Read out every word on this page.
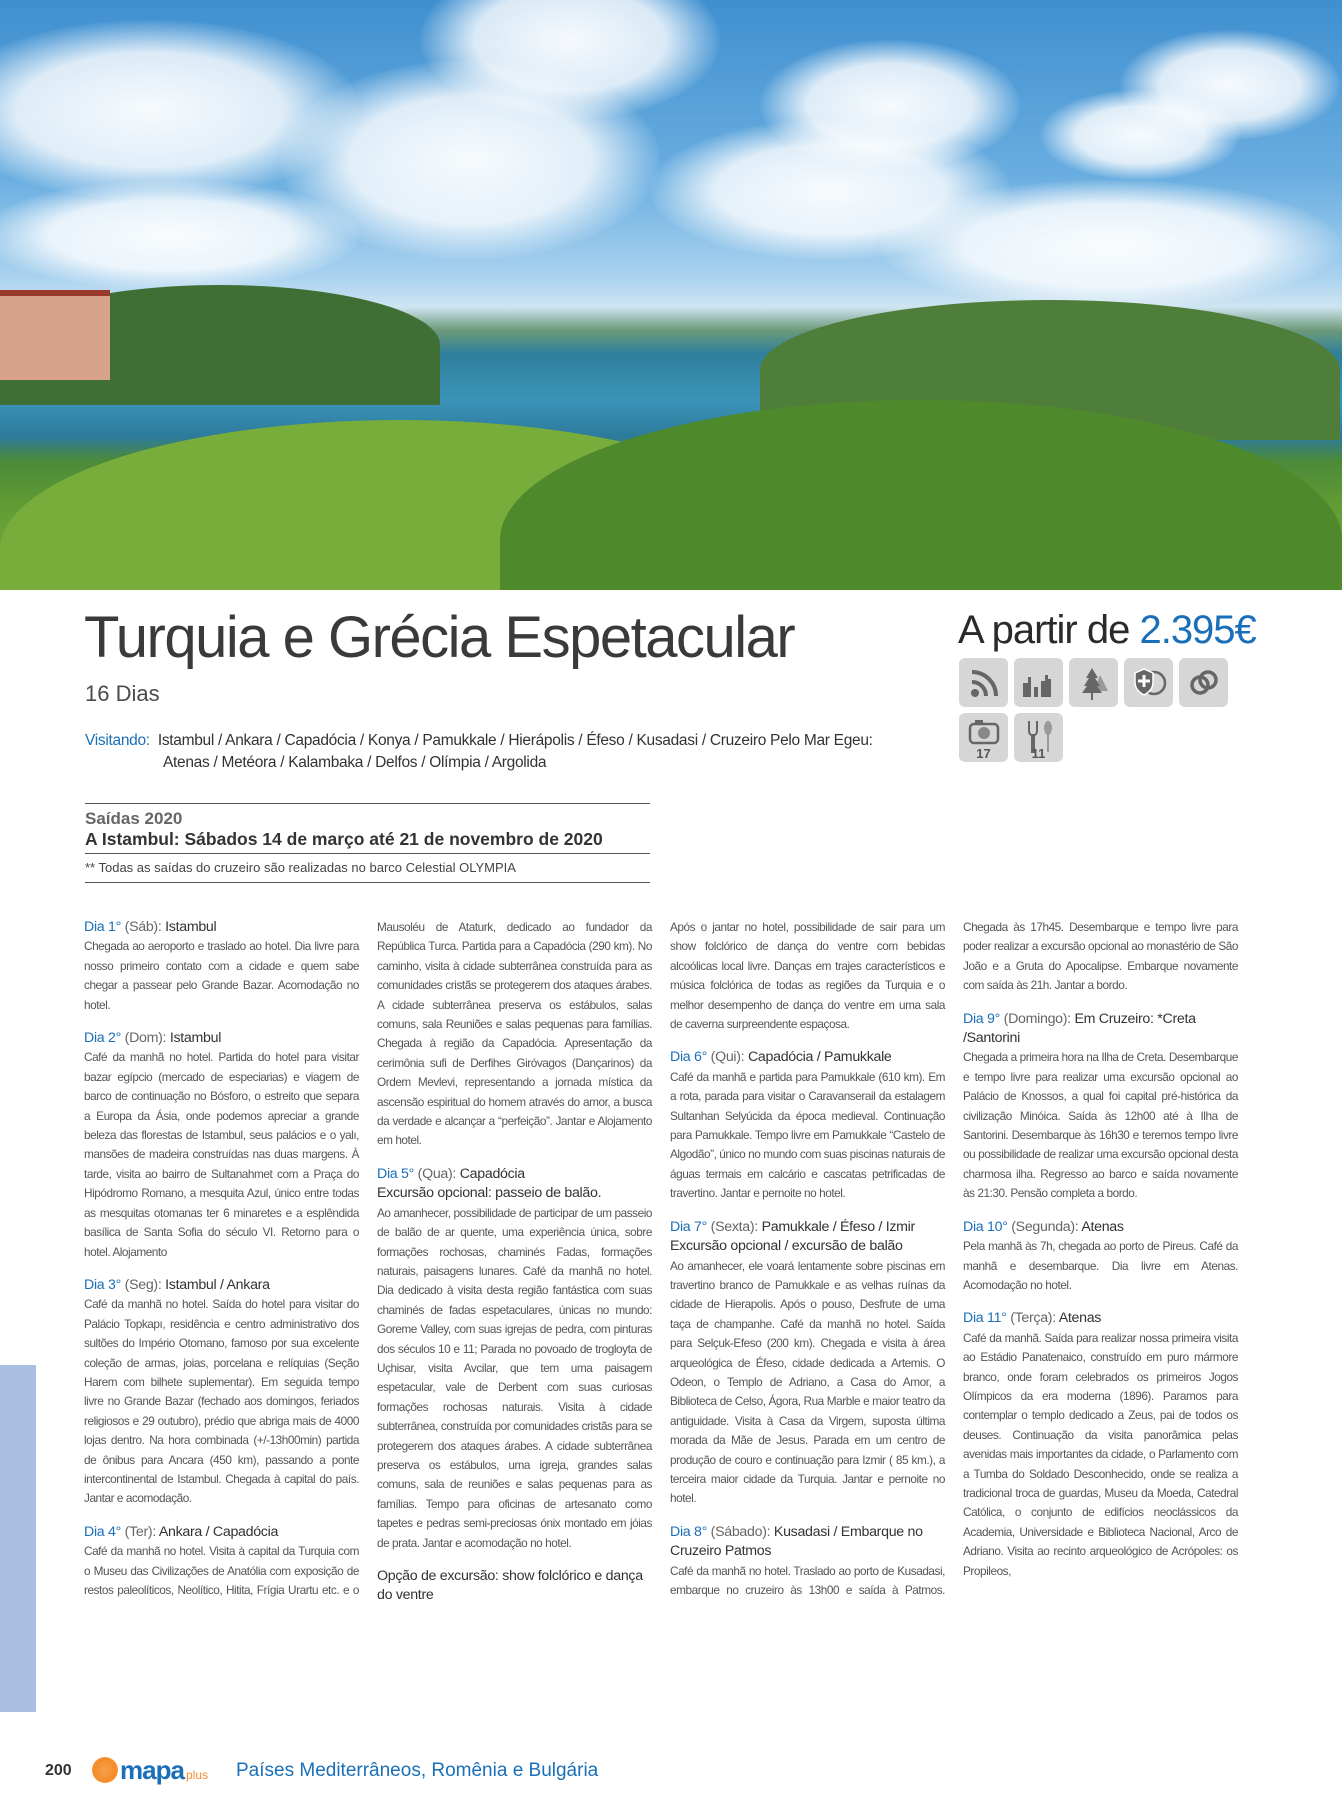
Turquia e Grécia Espetacular
16 Dias
A partir de 2.395€
17	11
Visitando: Istambul / Ankara / Capadócia / Konya / Pamukkale / Hierápolis / Éfeso / Kusadasi / Cruzeiro Pelo Mar Egeu:
Atenas / Metéora / Kalambaka / Delfos / Olímpia / Argolida
Saídas 2020
A Istambul: Sábados 14 de março até 21 de novembro de 2020
** Todas as saídas do cruzeiro são realizadas no barco Celestial OLYMPIA
Dia 1° (Sáb): Istambul
Chegada ao aeroporto e traslado ao hotel. Dia livre para nosso primeiro contato com a cidade e quem sabe chegar a passear pelo Grande Bazar. Acomodação no hotel.
Dia 2° (Dom): Istambul
Café da manhã no hotel. Partida do hotel para visitar bazar egípcio (mercado de especiarias) e viagem de barco de continuação no Bósforo, o estreito que separa a Europa da Ásia, onde podemos apreciar a grande beleza das florestas de Istambul, seus palácios e o yalı, mansões de madeira construídas nas duas margens. À tarde, visita ao bairro de Sultanahmet com a Praça do Hipódromo Romano, a mesquita Azul, único entre todas as mesquitas otomanas ter 6 minaretes e a esplêndida basílica de Santa Sofia do século VI. Retorno para o hotel. Alojamento
Dia 3° (Seg): Istambul / Ankara
Café da manhã no hotel. Saída do hotel para visitar do Palácio Topkapı, residência e centro administrativo dos sultões do Império Otomano, famoso por sua excelente coleção de armas, joias, porcelana e relíquias (Seção Harem com bilhete suplementar). Em seguida tempo livre no Grande Bazar (fechado aos domingos, feriados religiosos e 29 outubro), prédio que abriga mais de 4000 lojas dentro. Na hora combinada (+/-13h00min) partida de ônibus para Ancara (450 km), passando a ponte intercontinental de Istambul. Chegada à capital do país. Jantar e acomodação.
Dia 4° (Ter): Ankara / Capadócia
Café da manhã no hotel. Visita à capital da Turquia com o Museu das Civilizações de Anatólia com exposição de restos paleolíticos, Neolítico, Hitita, Frígia Urartu etc. e o Mausoléu de Ataturk, dedicado ao fundador da República Turca. Partida para a Capadócia (290 km). No caminho, visita à cidade subterrânea construída para as comunidades cristãs se protegerem dos ataques árabes. A cidade subterrânea preserva os estábulos, salas comuns, sala Reuniões e salas pequenas para famílias. Chegada à região da Capadócia. Apresentação da cerimônia sufi de Derfihes Giróvagos (Dançarinos) da Ordem Mevlevi, representando a jornada mística da ascensão espiritual do homem através do amor, a busca da verdade e alcançar a “perfeição”. Jantar e Alojamento em hotel.
Dia 5° (Qua): Capadócia
Excursão opcional: passeio de balão.
Ao amanhecer, possibilidade de participar de um passeio de balão de ar quente, uma experiência única, sobre formações rochosas, chaminés Fadas, formações naturais, paisagens lunares. Café da manhã no hotel. Dia dedicado à visita desta região fantástica com suas chaminés de fadas espetaculares, únicas no mundo: Goreme Valley, com suas igrejas de pedra, com pinturas dos séculos 10 e 11; Parada no povoado de trogloyta de Uçhisar, visita Avcilar, que tem uma paisagem espetacular, vale de Derbent com suas curiosas formações rochosas naturais. Visita à cidade subterrânea, construída por comunidades cristãs para se protegerem dos ataques árabes. A cidade subterrânea preserva os estábulos, uma igreja, grandes salas comuns, sala de reuniões e salas pequenas para as famílias. Tempo para oficinas de artesanato como tapetes e pedras semi-preciosas ónix montado em jóias de prata. Jantar e acomodação no hotel.
Opção de excursão: show folclórico e dança do ventre
Após o jantar no hotel, possibilidade de sair para um show folclórico de dança do ventre com bebidas alcoólicas local livre. Danças em trajes característicos e música folclórica de todas as regiões da Turquia e o melhor desempenho de dança do ventre em uma sala de caverna surpreendente espaçosa.
Dia 6° (Qui): Capadócia / Pamukkale
Café da manhã e partida para Pamukkale (610 km). Em a rota, parada para visitar o Caravanserail da estalagem Sultanhan Selyúcida da época medieval. Continuação para Pamukkale. Tempo livre em Pamukkale “Castelo de Algodão”, único no mundo com suas piscinas naturais de águas termais em calcário e cascatas petrificadas de travertino. Jantar e pernoite no hotel.
Dia 7° (Sexta): Pamukkale / Éfeso / Izmir
Excursão opcional / excursão de balão
Ao amanhecer, ele voará lentamente sobre piscinas em travertino branco de Pamukkale e as velhas ruínas da cidade de Hierapolis. Após o pouso, Desfrute de uma taça de champanhe. Café da manhã no hotel. Saída para Selçuk-Efeso (200 km). Chegada e visita à área arqueológica de Éfeso, cidade dedicada a Artemis. O Odeon, o Templo de Adriano, a Casa do Amor, a Biblioteca de Celso, Ágora, Rua Marble e maior teatro da antiguidade. Visita à Casa da Virgem, suposta última morada da Mãe de Jesus. Parada em um centro de produção de couro e continuação para Izmir ( 85 km.), a terceira maior cidade da Turquia. Jantar e pernoite no hotel.
Dia 8° (Sábado): Kusadasi / Embarque no Cruzeiro Patmos
Café da manhã no hotel. Traslado ao porto de Kusadasi, embarque no cruzeiro às 13h00 e saída à Patmos. Chegada às 17h45. Desembarque e tempo livre para poder realizar a excursão opcional ao monastério de São João e a Gruta do Apocalipse. Embarque novamente com saída às 21h. Jantar a bordo.
Dia 9° (Domingo): Em Cruzeiro: *Creta /Santorini
Chegada a primeira hora na Ilha de Creta. Desembarque e tempo livre para realizar uma excursão opcional ao Palácio de Knossos, a qual foi capital pré-histórica da civilização Minóica. Saída às 12h00 até à Ilha de Santorini. Desembarque às 16h30 e teremos tempo livre ou possibilidade de realizar uma excursão opcional desta charmosa ilha. Regresso ao barco e saída novamente às 21:30. Pensão completa a bordo.
Dia 10° (Segunda): Atenas
Pela manhã às 7h, chegada ao porto de Pireus. Café da manhã e desembarque. Dia livre em Atenas. Acomodação no hotel.
Dia 11° (Terça): Atenas
Café da manhã. Saída para realizar nossa primeira visita ao Estádio Panatenaico, construído em puro mármore branco, onde foram celebrados os primeiros Jogos Olímpicos da era moderna (1896). Paramos para contemplar o templo dedicado a Zeus, pai de todos os deuses. Continuação da visita panorâmica pelas avenidas mais importantes da cidade, o Parlamento com a Tumba do Soldado Desconhecido, onde se realiza a tradicional troca de guardas, Museu da Moeda, Catedral Católica, o conjunto de edifícios neoclássicos da Academia, Universidade e Biblioteca Nacional, Arco de Adriano. Visita ao recinto arqueológico de Acrópoles: os Propileos,
200 mapa plus Países Mediterrâneos, Romênia e Bulgária
